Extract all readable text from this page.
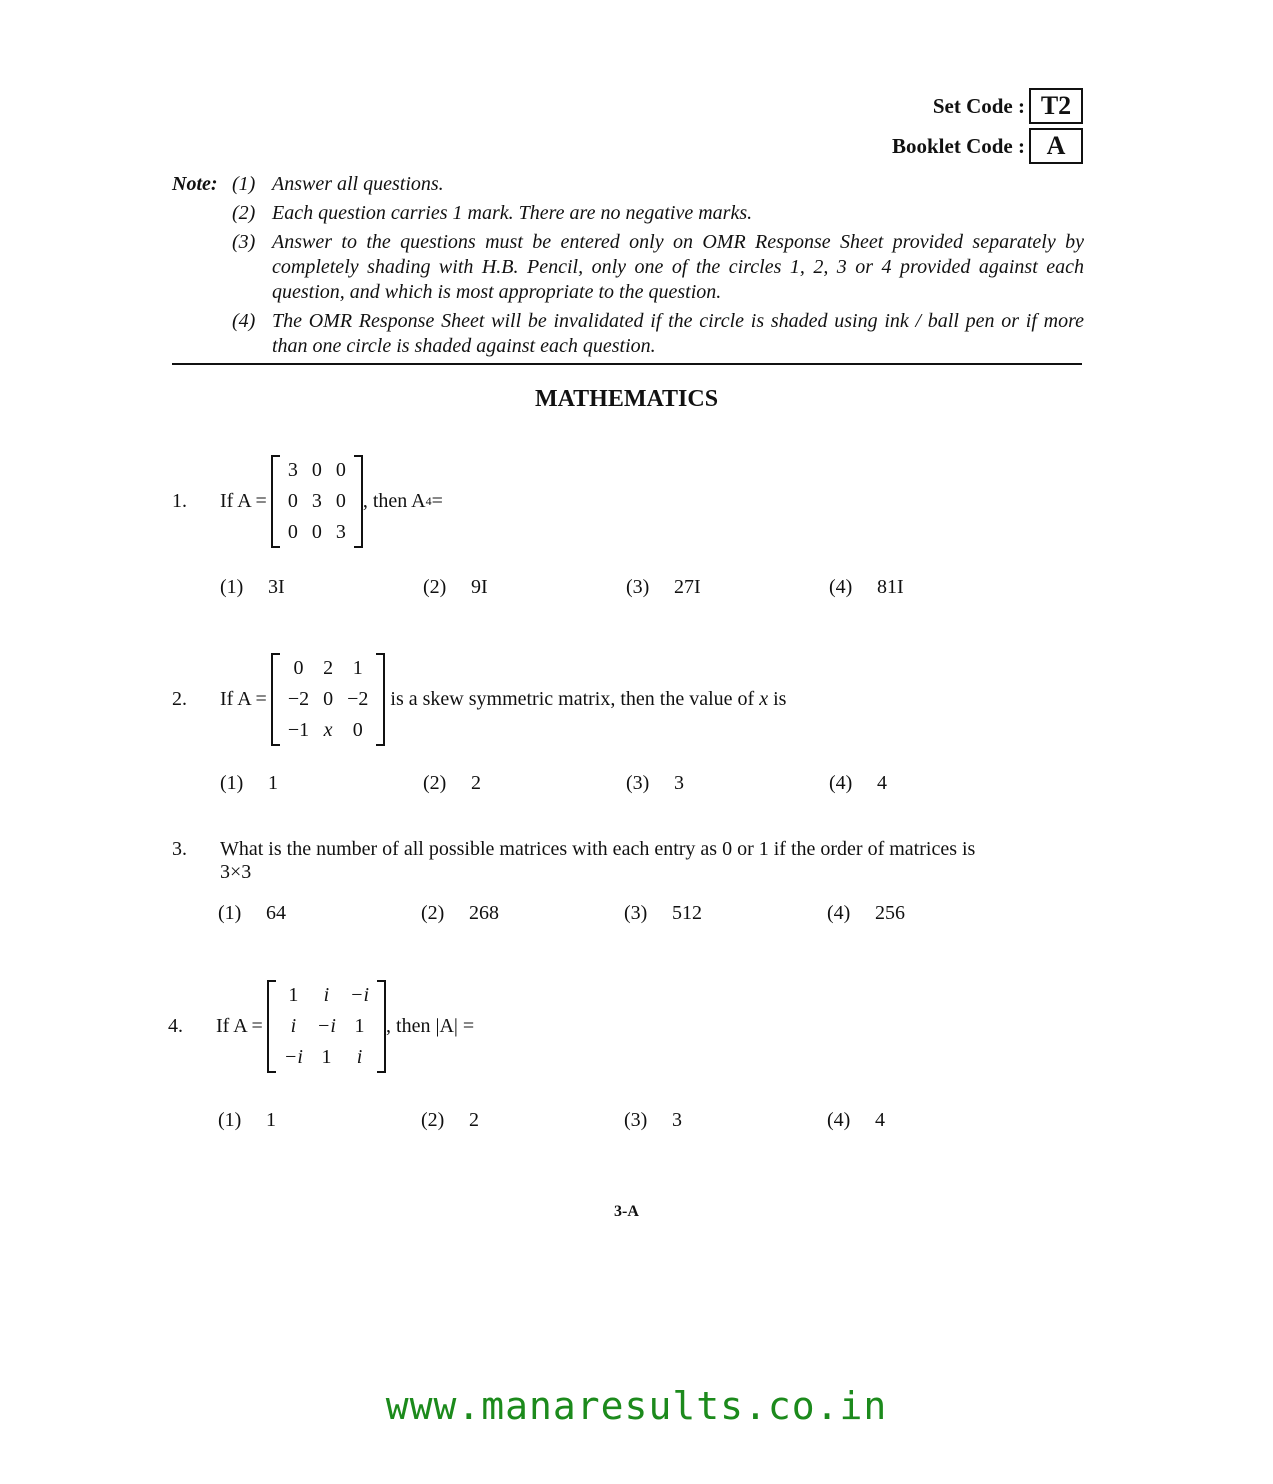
Set Code : T2
Booklet Code : A
Note: (1) Answer all questions.
(2) Each question carries 1 mark. There are no negative marks.
(3) Answer to the questions must be entered only on OMR Response Sheet provided separately by completely shading with H.B. Pencil, only one of the circles 1, 2, 3 or 4 provided against each question, and which is most appropriate to the question.
(4) The OMR Response Sheet will be invalidated if the circle is shaded using ink / ball pen or if more than one circle is shaded against each question.
MATHEMATICS
1.	If A =
3	0	0
0	3	0
0	0	3
, then A 4 =
(1) 3I	(2) 9I	(3) 27I	(4) 81I
2.	If A =
0	2	1
−2	0	−2
−1	x	0
is a skew symmetric matrix, then the value of x is
(1) 1	(2) 2	(3) 3	(4) 4
3.	What is the number of all possible matrices with each entry as 0 or 1 if the order of matrices is
3×3
(1) 64	(2) 268	(3) 512	(4) 256
4.	If A =
1	i	−i
i	−i	1
−i	1	i
, then |A| =
(1) 1	(2) 2	(3) 3	(4) 4
3-A
www.manaresults.co.in
